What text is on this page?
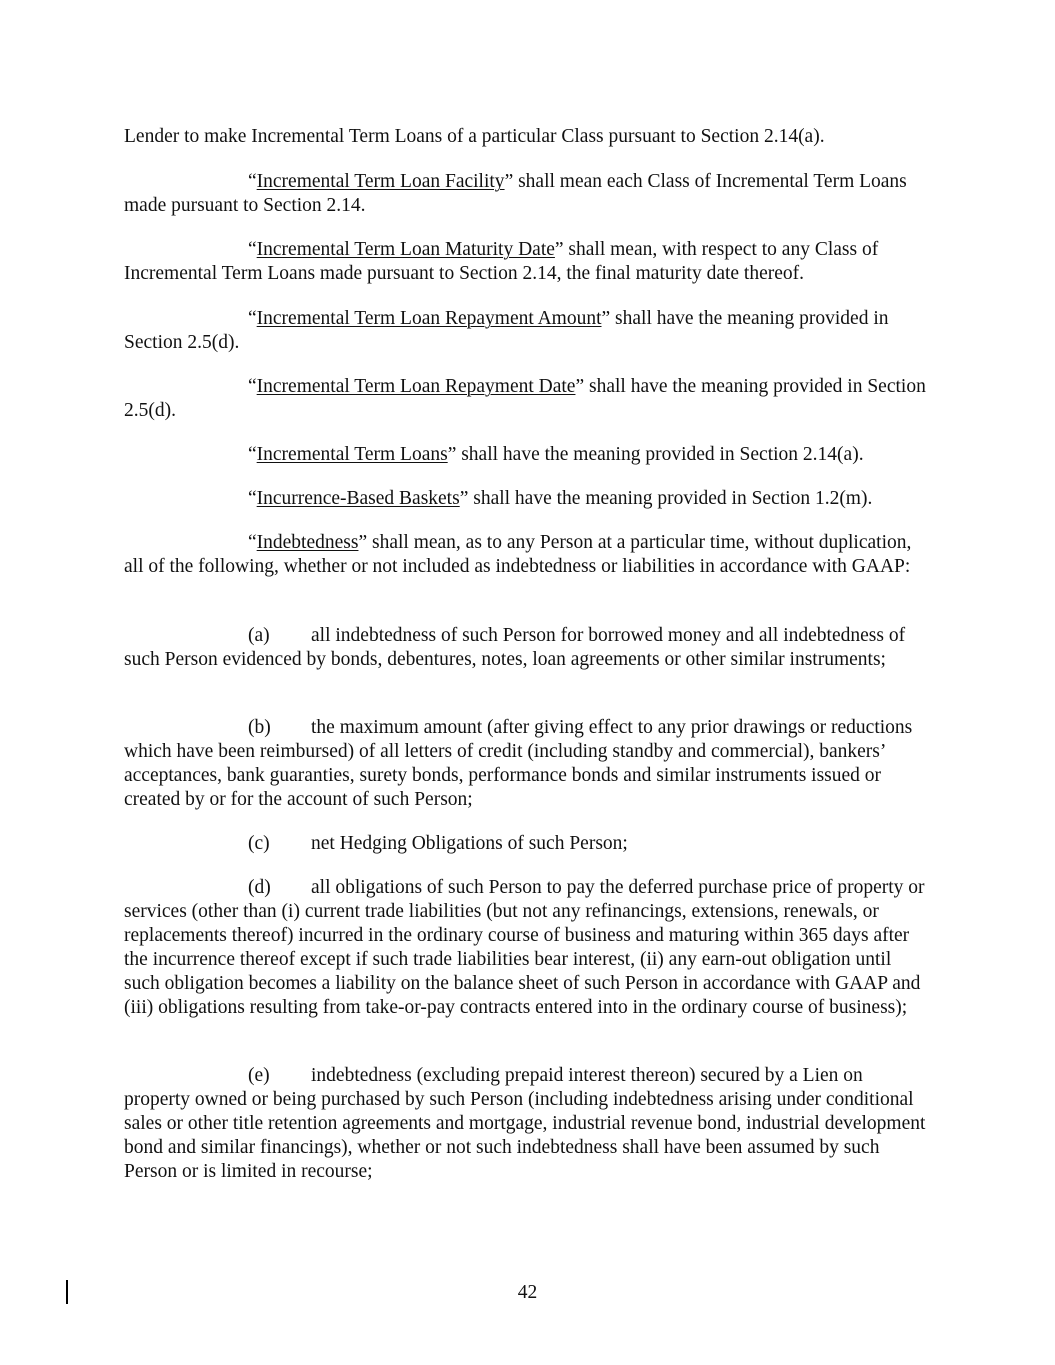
Lender to make Incremental Term Loans of a particular Class pursuant to Section 2.14(a).

“Incremental Term Loan Facility” shall mean each Class of Incremental Term Loans made pursuant to Section 2.14.

“Incremental Term Loan Maturity Date” shall mean, with respect to any Class of Incremental Term Loans made pursuant to Section 2.14, the final maturity date thereof.

“Incremental Term Loan Repayment Amount” shall have the meaning provided in Section 2.5(d).

“Incremental Term Loan Repayment Date” shall have the meaning provided in Section 2.5(d).

“Incremental Term Loans” shall have the meaning provided in Section 2.14(a).

“Incurrence-Based Baskets” shall have the meaning provided in Section 1.2(m).

“Indebtedness” shall mean, as to any Person at a particular time, without duplication, all of the following, whether or not included as indebtedness or liabilities in accordance with GAAP:

(a) all indebtedness of such Person for borrowed money and all indebtedness of such Person evidenced by bonds, debentures, notes, loan agreements or other similar instruments;

(b) the maximum amount (after giving effect to any prior drawings or reductions which have been reimbursed) of all letters of credit (including standby and commercial), bankers’ acceptances, bank guaranties, surety bonds, performance bonds and similar instruments issued or created by or for the account of such Person;

(c) net Hedging Obligations of such Person;

(d) all obligations of such Person to pay the deferred purchase price of property or services (other than (i) current trade liabilities (but not any refinancings, extensions, renewals, or replacements thereof) incurred in the ordinary course of business and maturing within 365 days after the incurrence thereof except if such trade liabilities bear interest, (ii) any earn-out obligation until such obligation becomes a liability on the balance sheet of such Person in accordance with GAAP and (iii) obligations resulting from take-or-pay contracts entered into in the ordinary course of business);

(e) indebtedness (excluding prepaid interest thereon) secured by a Lien on property owned or being purchased by such Person (including indebtedness arising under conditional sales or other title retention agreements and mortgage, industrial revenue bond, industrial development bond and similar financings), whether or not such indebtedness shall have been assumed by such Person or is limited in recourse;

42
